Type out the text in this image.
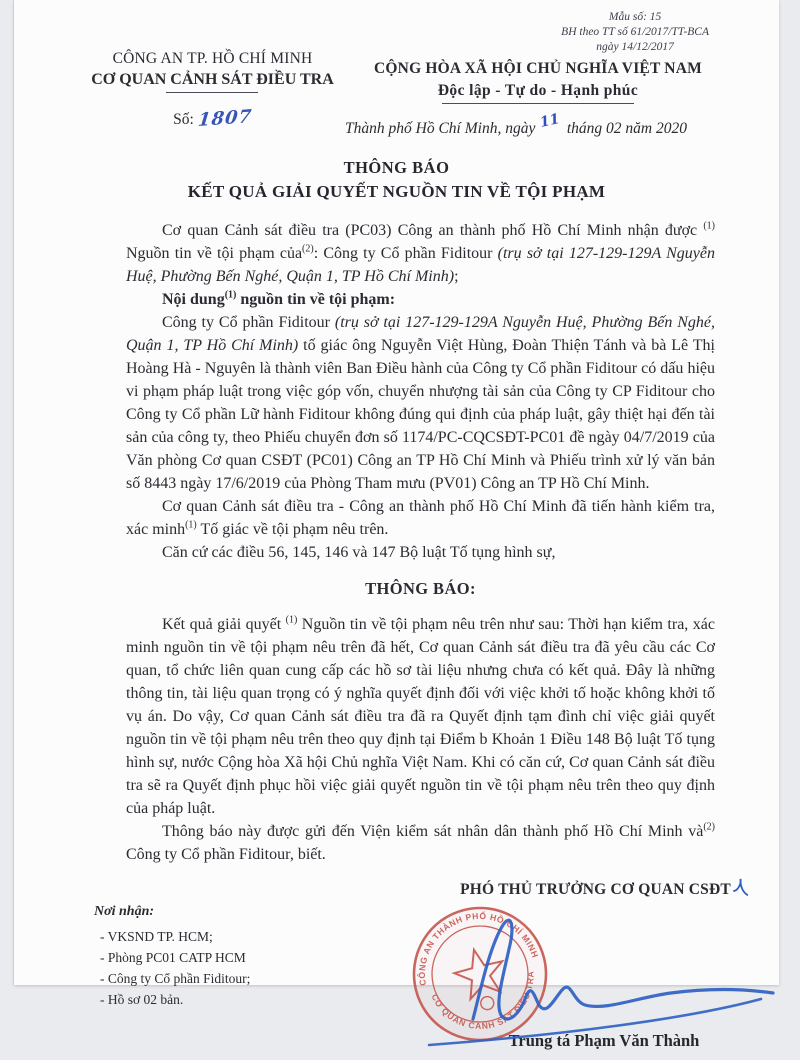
CÔNG AN TP. HỒ CHÍ MINH
CƠ QUAN CẢNH SÁT ĐIỀU TRA
Số: 1807
Mẫu số: 15
BH theo TT số 61/2017/TT-BCA
ngày 14/12/2017
CỘNG HÒA XÃ HỘI CHỦ NGHĨA VIỆT NAM
Độc lập - Tự do - Hạnh phúc
Thành phố Hồ Chí Minh, ngày 11 tháng 02 năm 2020
THÔNG BÁO
KẾT QUẢ GIẢI QUYẾT NGUỒN TIN VỀ TỘI PHẠM

Cơ quan Cảnh sát điều tra (PC03) Công an thành phố Hồ Chí Minh nhận được $^{(1)}$ Nguồn tin về tội phạm của$^{(2)}$: Công ty Cổ phần Fiditour (trụ sở tại 127-129-129A Nguyễn Huệ, Phường Bến Nghé, Quận 1, TP Hồ Chí Minh);

Nội dung$^{(1)}$ nguồn tin về tội phạm:

Công ty Cổ phần Fiditour (trụ sở tại 127-129-129A Nguyễn Huệ, Phường Bến Nghé, Quận 1, TP Hồ Chí Minh) tố giác ông Nguyễn Việt Hùng, Đoàn Thiện Tánh và bà Lê Thị Hoàng Hà - Nguyên là thành viên Ban Điều hành của Công ty Cổ phần Fiditour có dấu hiệu vi phạm pháp luật trong việc góp vốn, chuyển nhượng tài sản của Công ty CP Fiditour cho Công ty Cổ phần Lữ hành Fiditour không đúng qui định của pháp luật, gây thiệt hại đến tài sản của công ty, theo Phiếu chuyển đơn số 1174/PC-CQCSĐT-PC01 đề ngày 04/7/2019 của Văn phòng Cơ quan CSĐT (PC01) Công an TP Hồ Chí Minh và Phiếu trình xử lý văn bản số 8443 ngày 17/6/2019 của Phòng Tham mưu (PV01) Công an TP Hồ Chí Minh.

Cơ quan Cảnh sát điều tra - Công an thành phố Hồ Chí Minh đã tiến hành kiểm tra, xác minh$^{(1)}$ Tố giác về tội phạm nêu trên.

Căn cứ các điều 56, 145, 146 và 147 Bộ luật Tố tụng hình sự,

THÔNG BÁO:

Kết quả giải quyết $^{(1)}$ Nguồn tin về tội phạm nêu trên như sau: Thời hạn kiểm tra, xác minh nguồn tin về tội phạm nêu trên đã hết, Cơ quan Cảnh sát điều tra đã yêu cầu các Cơ quan, tổ chức liên quan cung cấp các hồ sơ tài liệu nhưng chưa có kết quả. Đây là những thông tin, tài liệu quan trọng có ý nghĩa quyết định đối với việc khởi tố hoặc không khởi tố vụ án. Do vậy, Cơ quan Cảnh sát điều tra đã ra Quyết định tạm đình chỉ việc giải quyết nguồn tin về tội phạm nêu trên theo quy định tại Điểm b Khoản 1 Điều 148 Bộ luật Tố tụng hình sự, nước Cộng hòa Xã hội Chủ nghĩa Việt Nam. Khi có căn cứ, Cơ quan Cảnh sát điều tra sẽ ra Quyết định phục hồi việc giải quyết nguồn tin về tội phạm nêu trên theo quy định của pháp luật.

Thông báo này được gửi đến Viện kiểm sát nhân dân thành phố Hồ Chí Minh $và^{(2)}$ Công ty Cổ phần Fiditour, biết.

Nơi nhận:
- VKSND TP. HCM;
- Phòng PC01 CATP HCM
- Công ty Cổ phần Fiditour;
- Hồ sơ 02 bản.
PHÓ THỦ TRƯỞNG CƠ QUAN CSĐT
CÔNG AN THÀNH PHỐ HỒ CHÍ MINH
CƠ QUAN CẢNH SÁT ĐIỀU TRA
Trung tá Phạm Văn Thành
